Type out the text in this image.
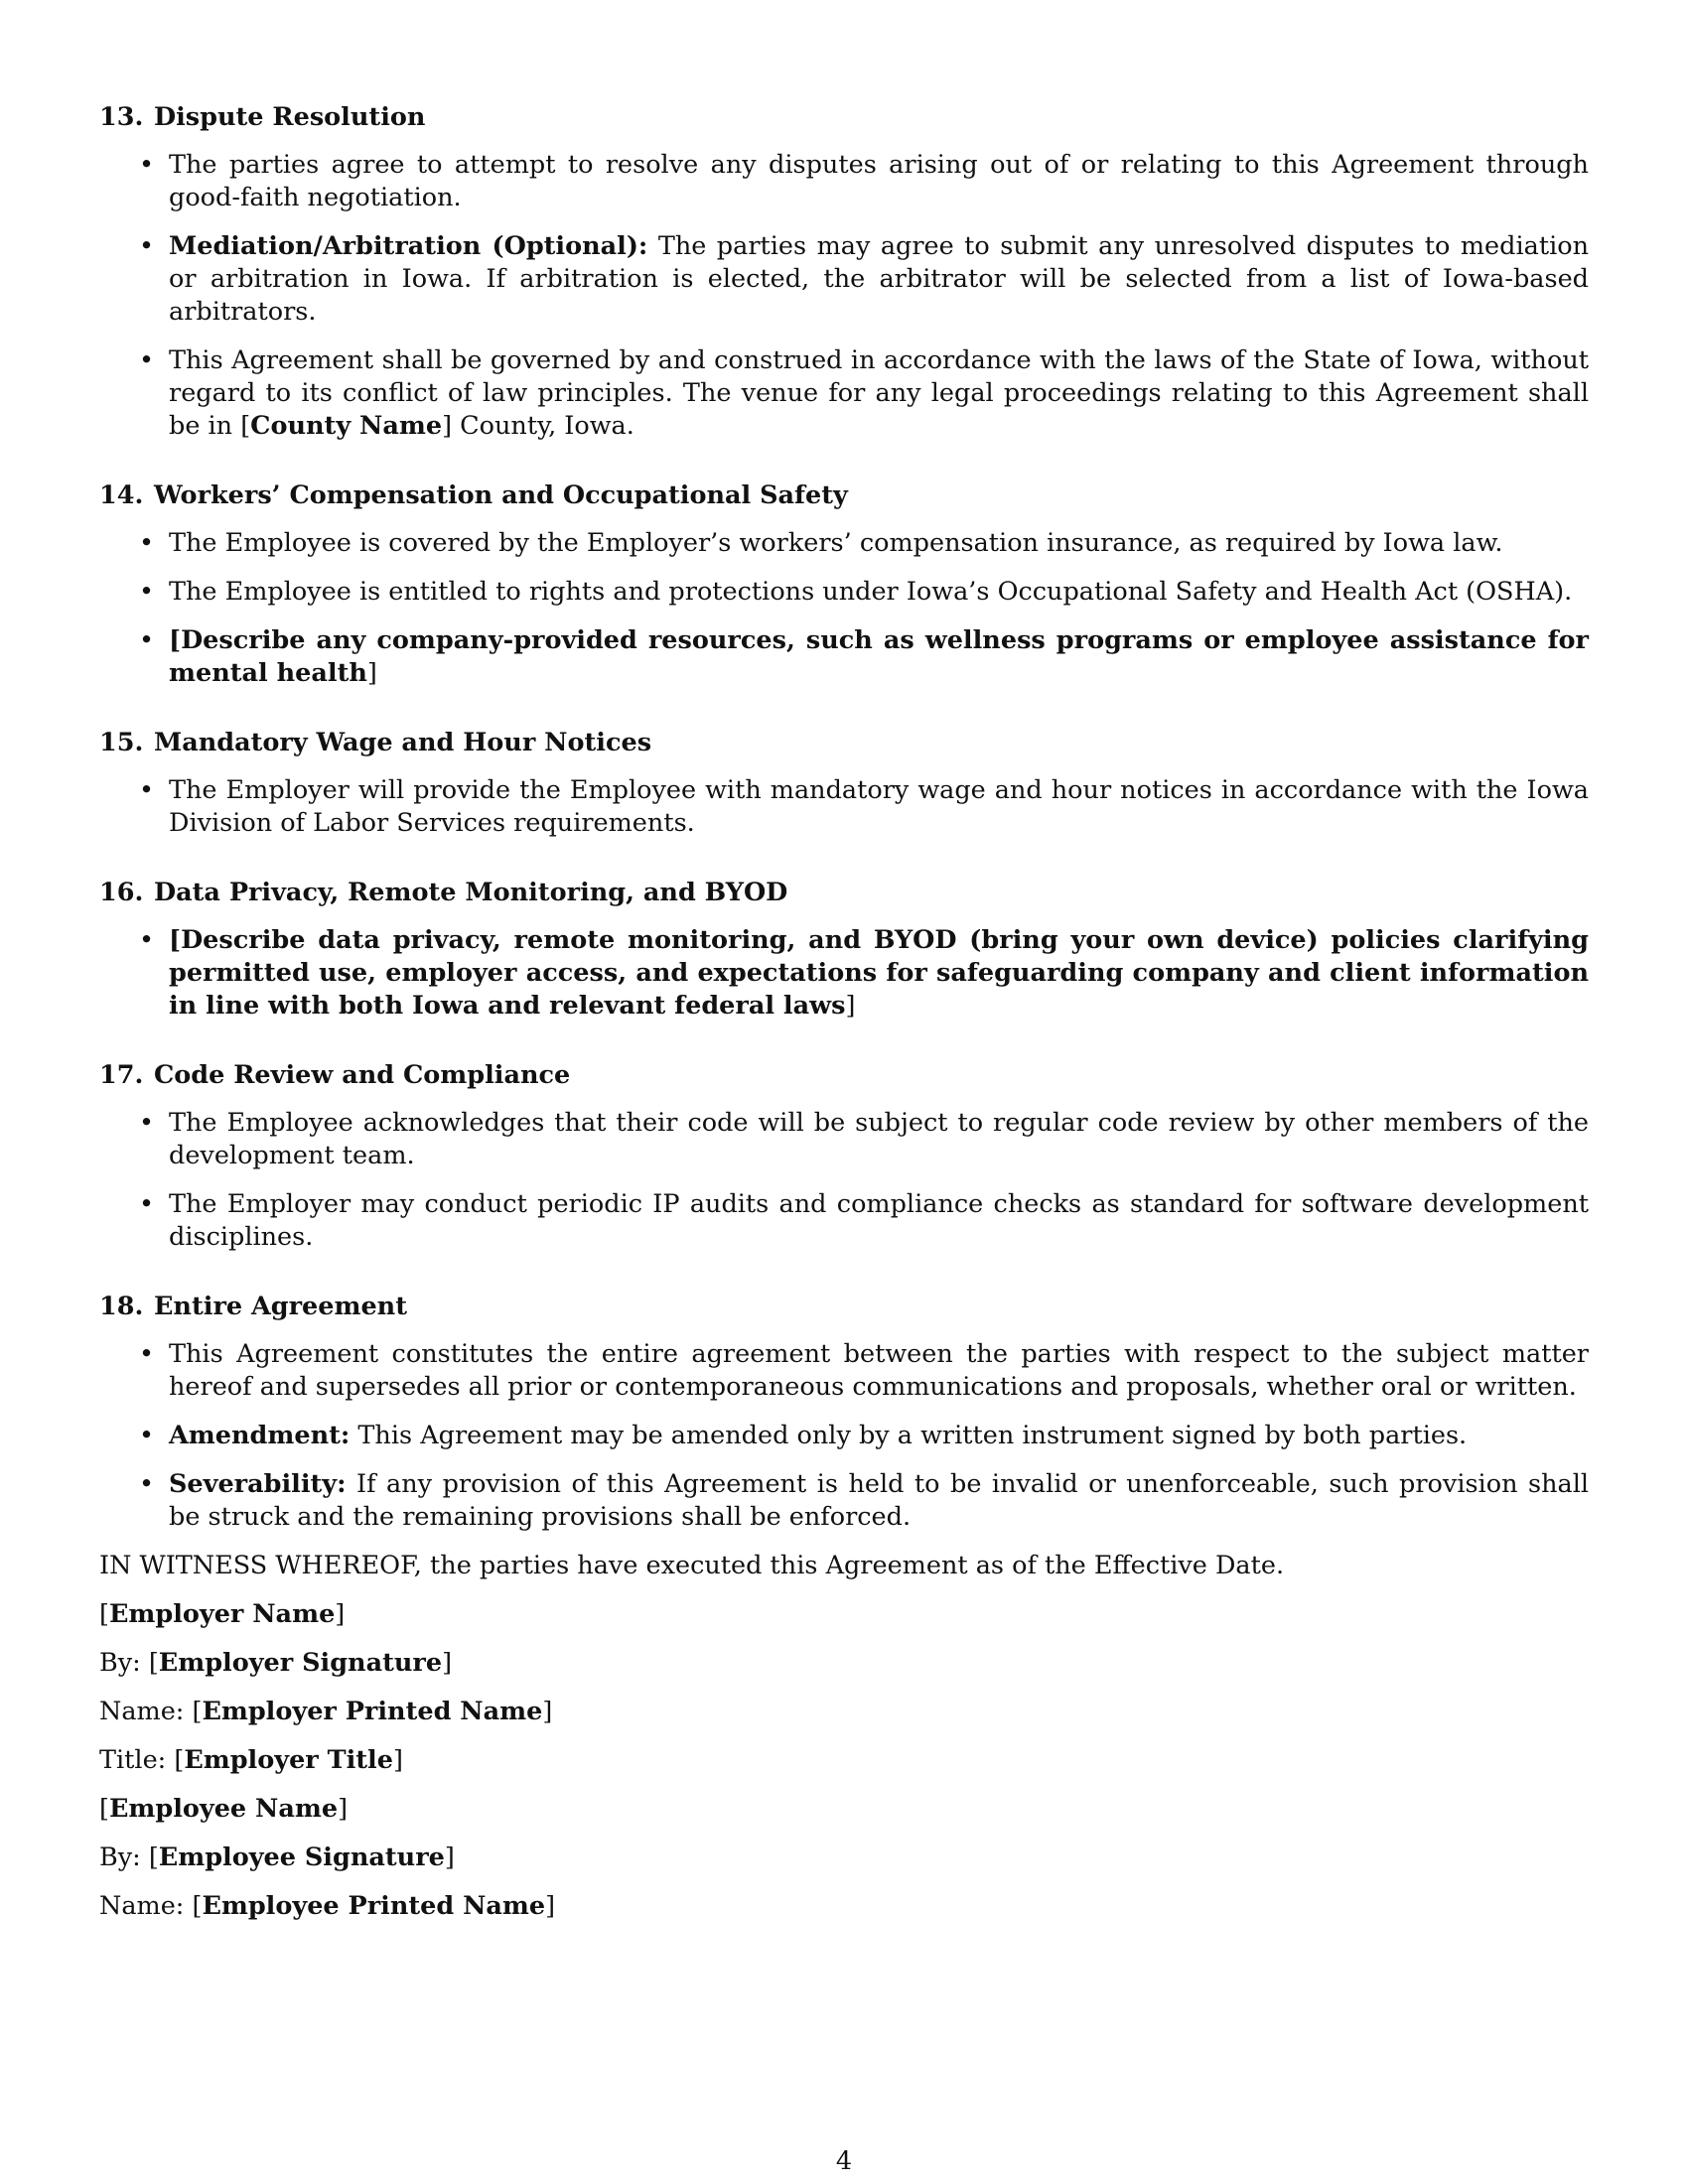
13. Dispute Resolution
• The parties agree to attempt to resolve any disputes arising out of or relating to this Agreement through good-faith negotiation.
• Mediation/Arbitration (Optional): The parties may agree to submit any unresolved disputes to mediation or arbitration in Iowa. If arbitration is elected, the arbitrator will be selected from a list of Iowa-based arbitrators.
• This Agreement shall be governed by and construed in accordance with the laws of the State of Iowa, without regard to its conflict of law principles. The venue for any legal proceedings relating to this Agreement shall be in [County Name] County, Iowa.
14. Workers’ Compensation and Occupational Safety
• The Employee is covered by the Employer’s workers’ compensation insurance, as required by Iowa law.
• The Employee is entitled to rights and protections under Iowa’s Occupational Safety and Health Act (OSHA).
• [Describe any company-provided resources, such as wellness programs or employee assistance for mental health]
15. Mandatory Wage and Hour Notices
• The Employer will provide the Employee with mandatory wage and hour notices in accordance with the Iowa Division of Labor Services requirements.
16. Data Privacy, Remote Monitoring, and BYOD
• [Describe data privacy, remote monitoring, and BYOD (bring your own device) policies clarifying permitted use, employer access, and expectations for safeguarding company and client information in line with both Iowa and relevant federal laws]
17. Code Review and Compliance
• The Employee acknowledges that their code will be subject to regular code review by other members of the development team.
• The Employer may conduct periodic IP audits and compliance checks as standard for software development disciplines.
18. Entire Agreement
• This Agreement constitutes the entire agreement between the parties with respect to the subject matter hereof and supersedes all prior or contemporaneous communications and proposals, whether oral or written.
• Amendment: This Agreement may be amended only by a written instrument signed by both parties.
• Severability: If any provision of this Agreement is held to be invalid or unenforceable, such provision shall be struck and the remaining provisions shall be enforced.

IN WITNESS WHEREOF, the parties have executed this Agreement as of the Effective Date.

[Employer Name]

By: [Employer Signature]

Name: [Employer Printed Name]

Title: [Employer Title]

[Employee Name]

By: [Employee Signature]

Name: [Employee Printed Name]

4
